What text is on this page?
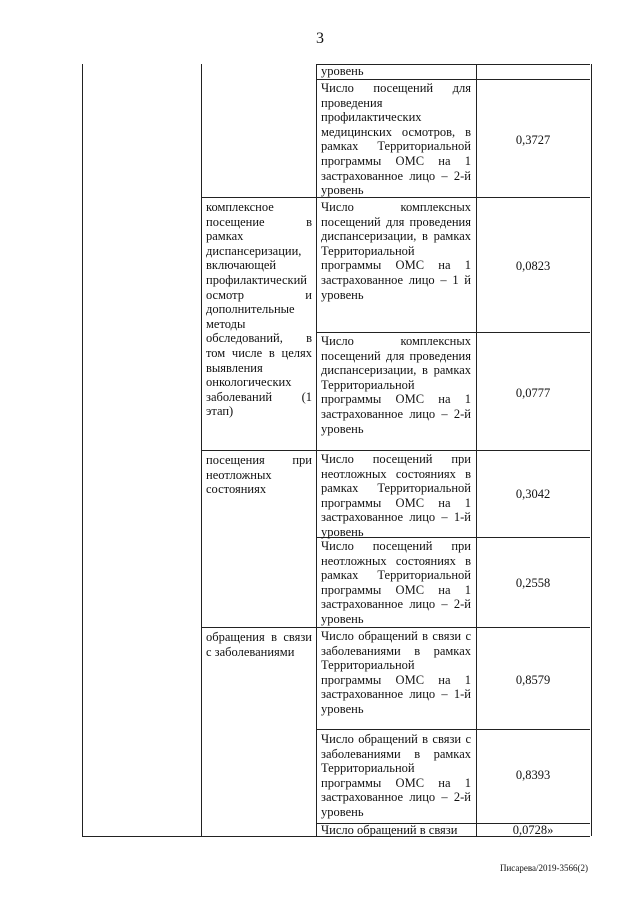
3
уровень
Число посещений для проведения профилактических медицинских осмотров, в рамках Территориальной программы ОМС на 1 застрахованное лицо – 2-й уровень
0,3727
комплексное посещение в рамках диспансеризации, включающей профилактический осмотр и дополнительные методы обследований, в том числе в целях выявления онкологических заболеваний (1 этап)
Число комплексных посещений для проведения диспансеризации, в рамках Территориальной программы ОМС на 1 застрахованное лицо – 1 й уровень
0,0823
Число комплексных посещений для проведения диспансеризации, в рамках Территориальной программы ОМС на 1 застрахованное лицо – 2-й уровень
0,0777
посещения при неотложных состояниях
Число посещений при неотложных состояниях в рамках Территориальной программы ОМС на 1 застрахованное лицо – 1-й уровень
0,3042
Число посещений при неотложных состояниях в рамках Территориальной программы ОМС на 1 застрахованное лицо – 2-й уровень
0,2558
обращения в связи с заболеваниями
Число обращений в связи с заболеваниями в рамках Территориальной программы ОМС на 1 застрахованное лицо – 1-й уровень
0,8579
Число обращений в связи с заболеваниями в рамках Территориальной программы ОМС на 1 застрахованное лицо – 2-й уровень
0,8393
Число обращений в связи	0,0728»
Писарева/2019-3566(2)
